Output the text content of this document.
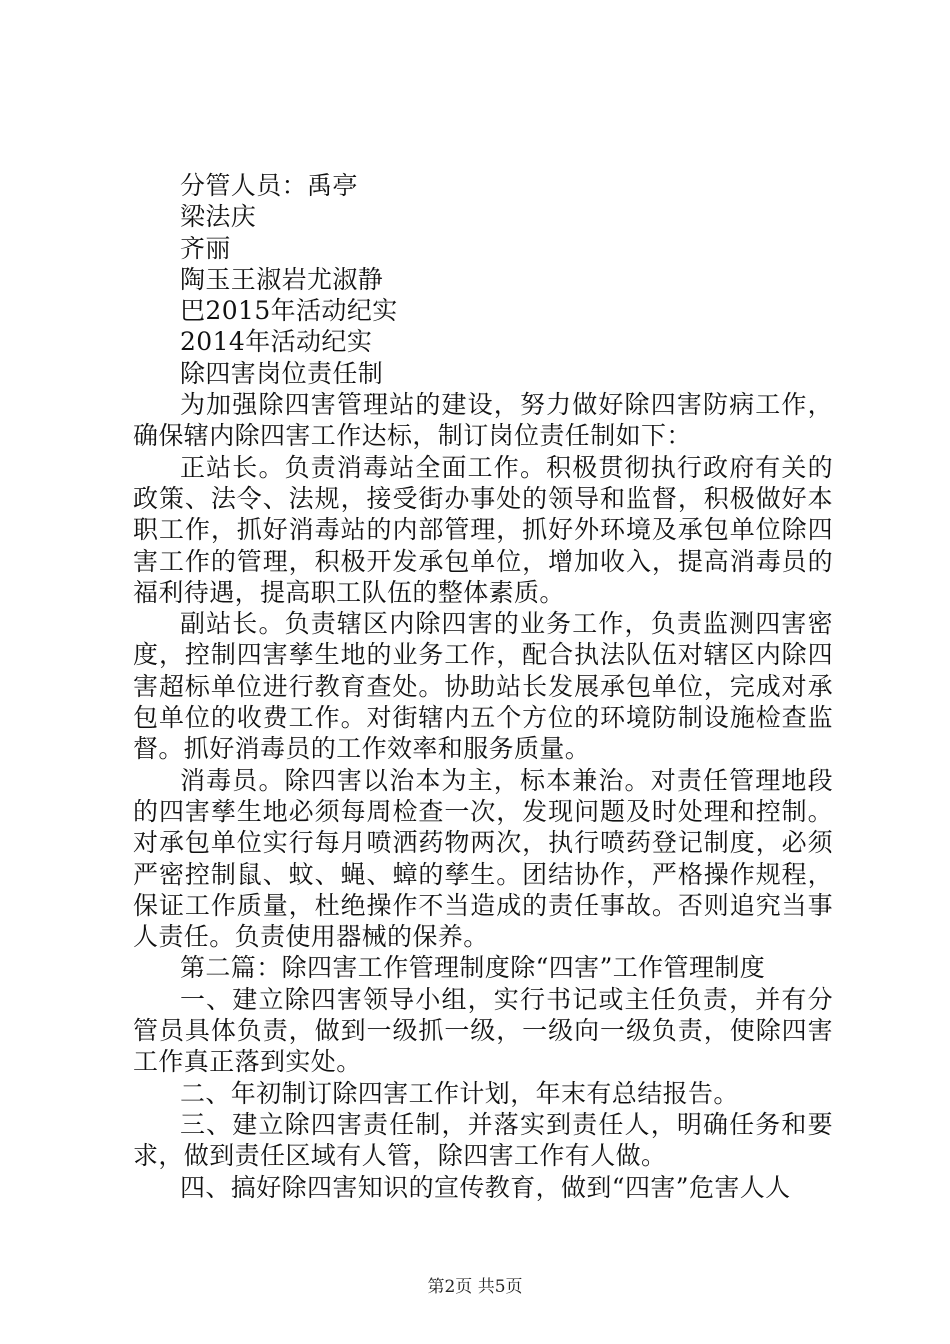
分管人员：禹亭

梁法庆

齐丽

陶玉王淑岩尤淑静

巴2015年活动纪实

2014年活动纪实

除四害岗位责任制

为加强除四害管理站的建设，努力做好除四害防病工作，确保辖内除四害工作达标，制订岗位责任制如下：

正站长。负责消毒站全面工作。积极贯彻执行政府有关的政策、法令、法规，接受街办事处的领导和监督，积极做好本职工作，抓好消毒站的内部管理，抓好外环境及承包单位除四害工作的管理，积极开发承包单位，增加收入，提高消毒员的福利待遇，提高职工队伍的整体素质。

副站长。负责辖区内除四害的业务工作，负责监测四害密度，控制四害孳生地的业务工作，配合执法队伍对辖区内除四害超标单位进行教育查处。协助站长发展承包单位，完成对承包单位的收费工作。对街辖内五个方位的环境防制设施检查监督。抓好消毒员的工作效率和服务质量。

消毒员。除四害以治本为主，标本兼治。对责任管理地段的四害孳生地必须每周检查一次，发现问题及时处理和控制。对承包单位实行每月喷洒药物两次，执行喷药登记制度，必须严密控制鼠、蚊、蝇、蟑的孳生。团结协作，严格操作规程，保证工作质量，杜绝操作不当造成的责任事故。否则追究当事人责任。负责使用器械的保养。

第二篇：除四害工作管理制度除“四害”工作管理制度

一、建立除四害领导小组，实行书记或主任负责，并有分管员具体负责，做到一级抓一级，一级向一级负责，使除四害工作真正落到实处。

二、年初制订除四害工作计划，年末有总结报告。

三、建立除四害责任制，并落实到责任人，明确任务和要求，做到责任区域有人管，除四害工作有人做。

四、搞好除四害知识的宣传教育，做到“四害”危害人人

第2页 共5页
